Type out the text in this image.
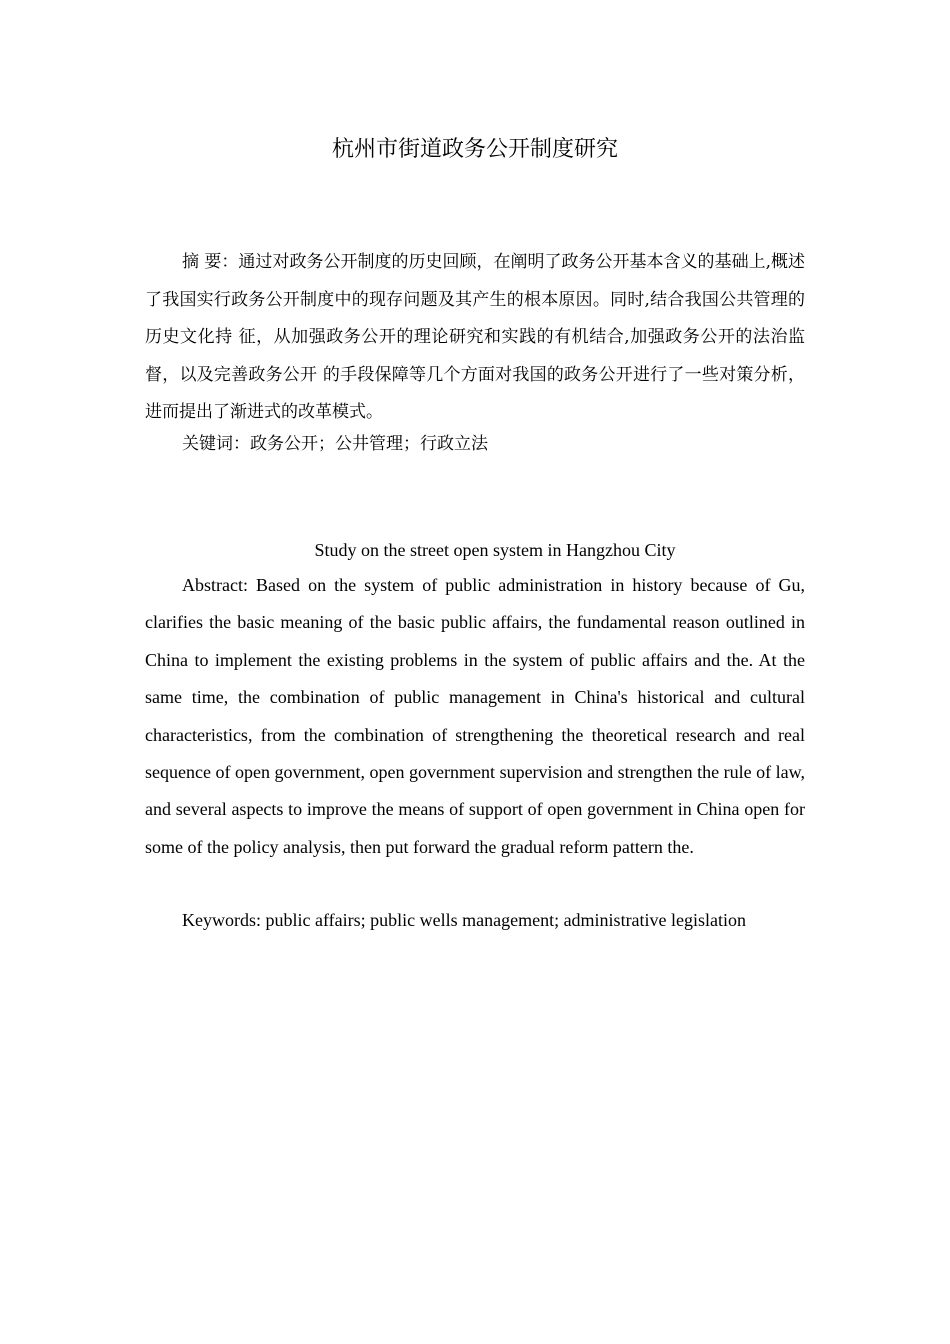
杭州市街道政务公开制度研究

摘 要：通过对政务公开制度的历史回顾，在阐明了政务公开基本含义的基础上,概述了我国实行政务公开制度中的现存问题及其产生的根本原因。同时,结合我国公共管理的历史文化持 征，从加强政务公开的理论研究和实践的有机结合,加强政务公开的法治监督，以及完善政务公开 的手段保障等几个方面对我国的政务公开进行了一些对策分析，进而提出了渐进式的改革模式。

关键词：政务公开；公井管理；行政立法

Study on the street open system in Hangzhou City

Abstract: Based on the system of public administration in history because of Gu, clarifies the basic meaning of the basic public affairs, the fundamental reason outlined in China to implement the existing problems in the system of public affairs and the. At the same time, the combination of public management in China's historical and cultural characteristics, from the combination of strengthening the theoretical research and real sequence of open government, open government supervision and strengthen the rule of law, and several aspects to improve the means of support of open government in China open for some of the policy analysis, then put forward the gradual reform pattern the.

Keywords: public affairs; public wells management; administrative legislation
